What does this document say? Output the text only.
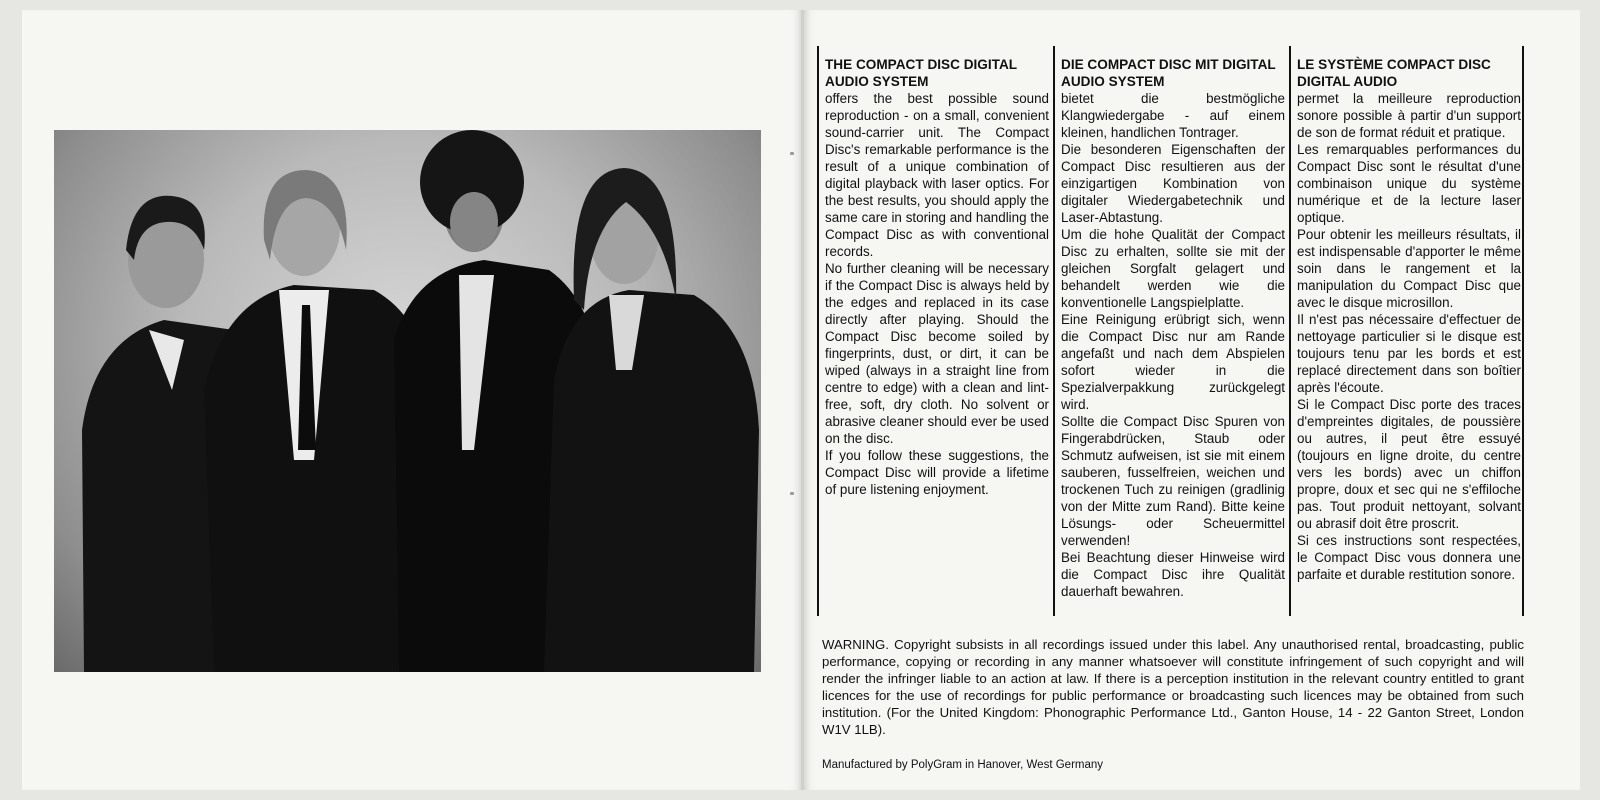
THE COMPACT DISC DIGITAL AUDIO SYSTEM

offers the best possible sound reproduction - on a small, convenient sound-carrier unit. The Compact Disc's remarkable performance is the result of a unique combination of digital playback with laser optics. For the best results, you should apply the same care in storing and handling the Compact Disc as with conventional records.

No further cleaning will be necessary if the Compact Disc is always held by the edges and replaced in its case directly after playing. Should the Compact Disc become soiled by fingerprints, dust, or dirt, it can be wiped (always in a straight line from centre to edge) with a clean and lint-free, soft, dry cloth. No solvent or abrasive cleaner should ever be used on the disc.

If you follow these suggestions, the Compact Disc will provide a lifetime of pure listening enjoyment.

DIE COMPACT DISC MIT DIGITAL AUDIO SYSTEM

bietet die bestmögliche Klangwiedergabe - auf einem kleinen, handlichen Tontrager.

Die besonderen Eigenschaften der Compact Disc resultieren aus der einzigartigen Kombination von digitaler Wiedergabetechnik und Laser-Abtastung.

Um die hohe Qualität der Compact Disc zu erhalten, sollte sie mit der gleichen Sorgfalt gelagert und behandelt werden wie die konventionelle Langspielplatte.

Eine Reinigung erübrigt sich, wenn die Compact Disc nur am Rande angefaßt und nach dem Abspielen sofort wieder in die Spezialverpakkung zurückgelegt wird.

Sollte die Compact Disc Spuren von Fingerabdrücken, Staub oder Schmutz aufweisen, ist sie mit einem sauberen, fusselfreien, weichen und trockenen Tuch zu reinigen (gradlinig von der Mitte zum Rand). Bitte keine Lösungs- oder Scheuermittel verwenden!

Bei Beachtung dieser Hinweise wird die Compact Disc ihre Qualität dauerhaft bewahren.

LE SYSTÈME COMPACT DISC DIGITAL AUDIO

permet la meilleure reproduction sonore possible à partir d'un support de son de format réduit et pratique.

Les remarquables performances du Compact Disc sont le résultat d'une combinaison unique du système numérique et de la lecture laser optique.

Pour obtenir les meilleurs résultats, il est indispensable d'apporter le même soin dans le rangement et la manipulation du Compact Disc que avec le disque microsillon.

Il n'est pas nécessaire d'effectuer de nettoyage particulier si le disque est toujours tenu par les bords et est replacé directement dans son boîtier après l'écoute.

Si le Compact Disc porte des traces d'empreintes digitales, de poussière ou autres, il peut être essuyé (toujours en ligne droite, du centre vers les bords) avec un chiffon propre, doux et sec qui ne s'effiloche pas. Tout produit nettoyant, solvant ou abrasif doit être proscrit.

Si ces instructions sont respectées, le Compact Disc vous donnera une parfaite et durable restitution sonore.

WARNING. Copyright subsists in all recordings issued under this label. Any unauthorised rental, broadcasting, public performance, copying or recording in any manner whatsoever will constitute infringement of such copyright and will render the infringer liable to an action at law. If there is a perception institution in the relevant country entitled to grant licences for the use of recordings for public performance or broadcasting such licences may be obtained from such institution. (For the United Kingdom: Phonographic Performance Ltd., Ganton House, 14 - 22 Ganton Street, London W1V 1LB).
Manufactured by PolyGram in Hanover, West Germany
